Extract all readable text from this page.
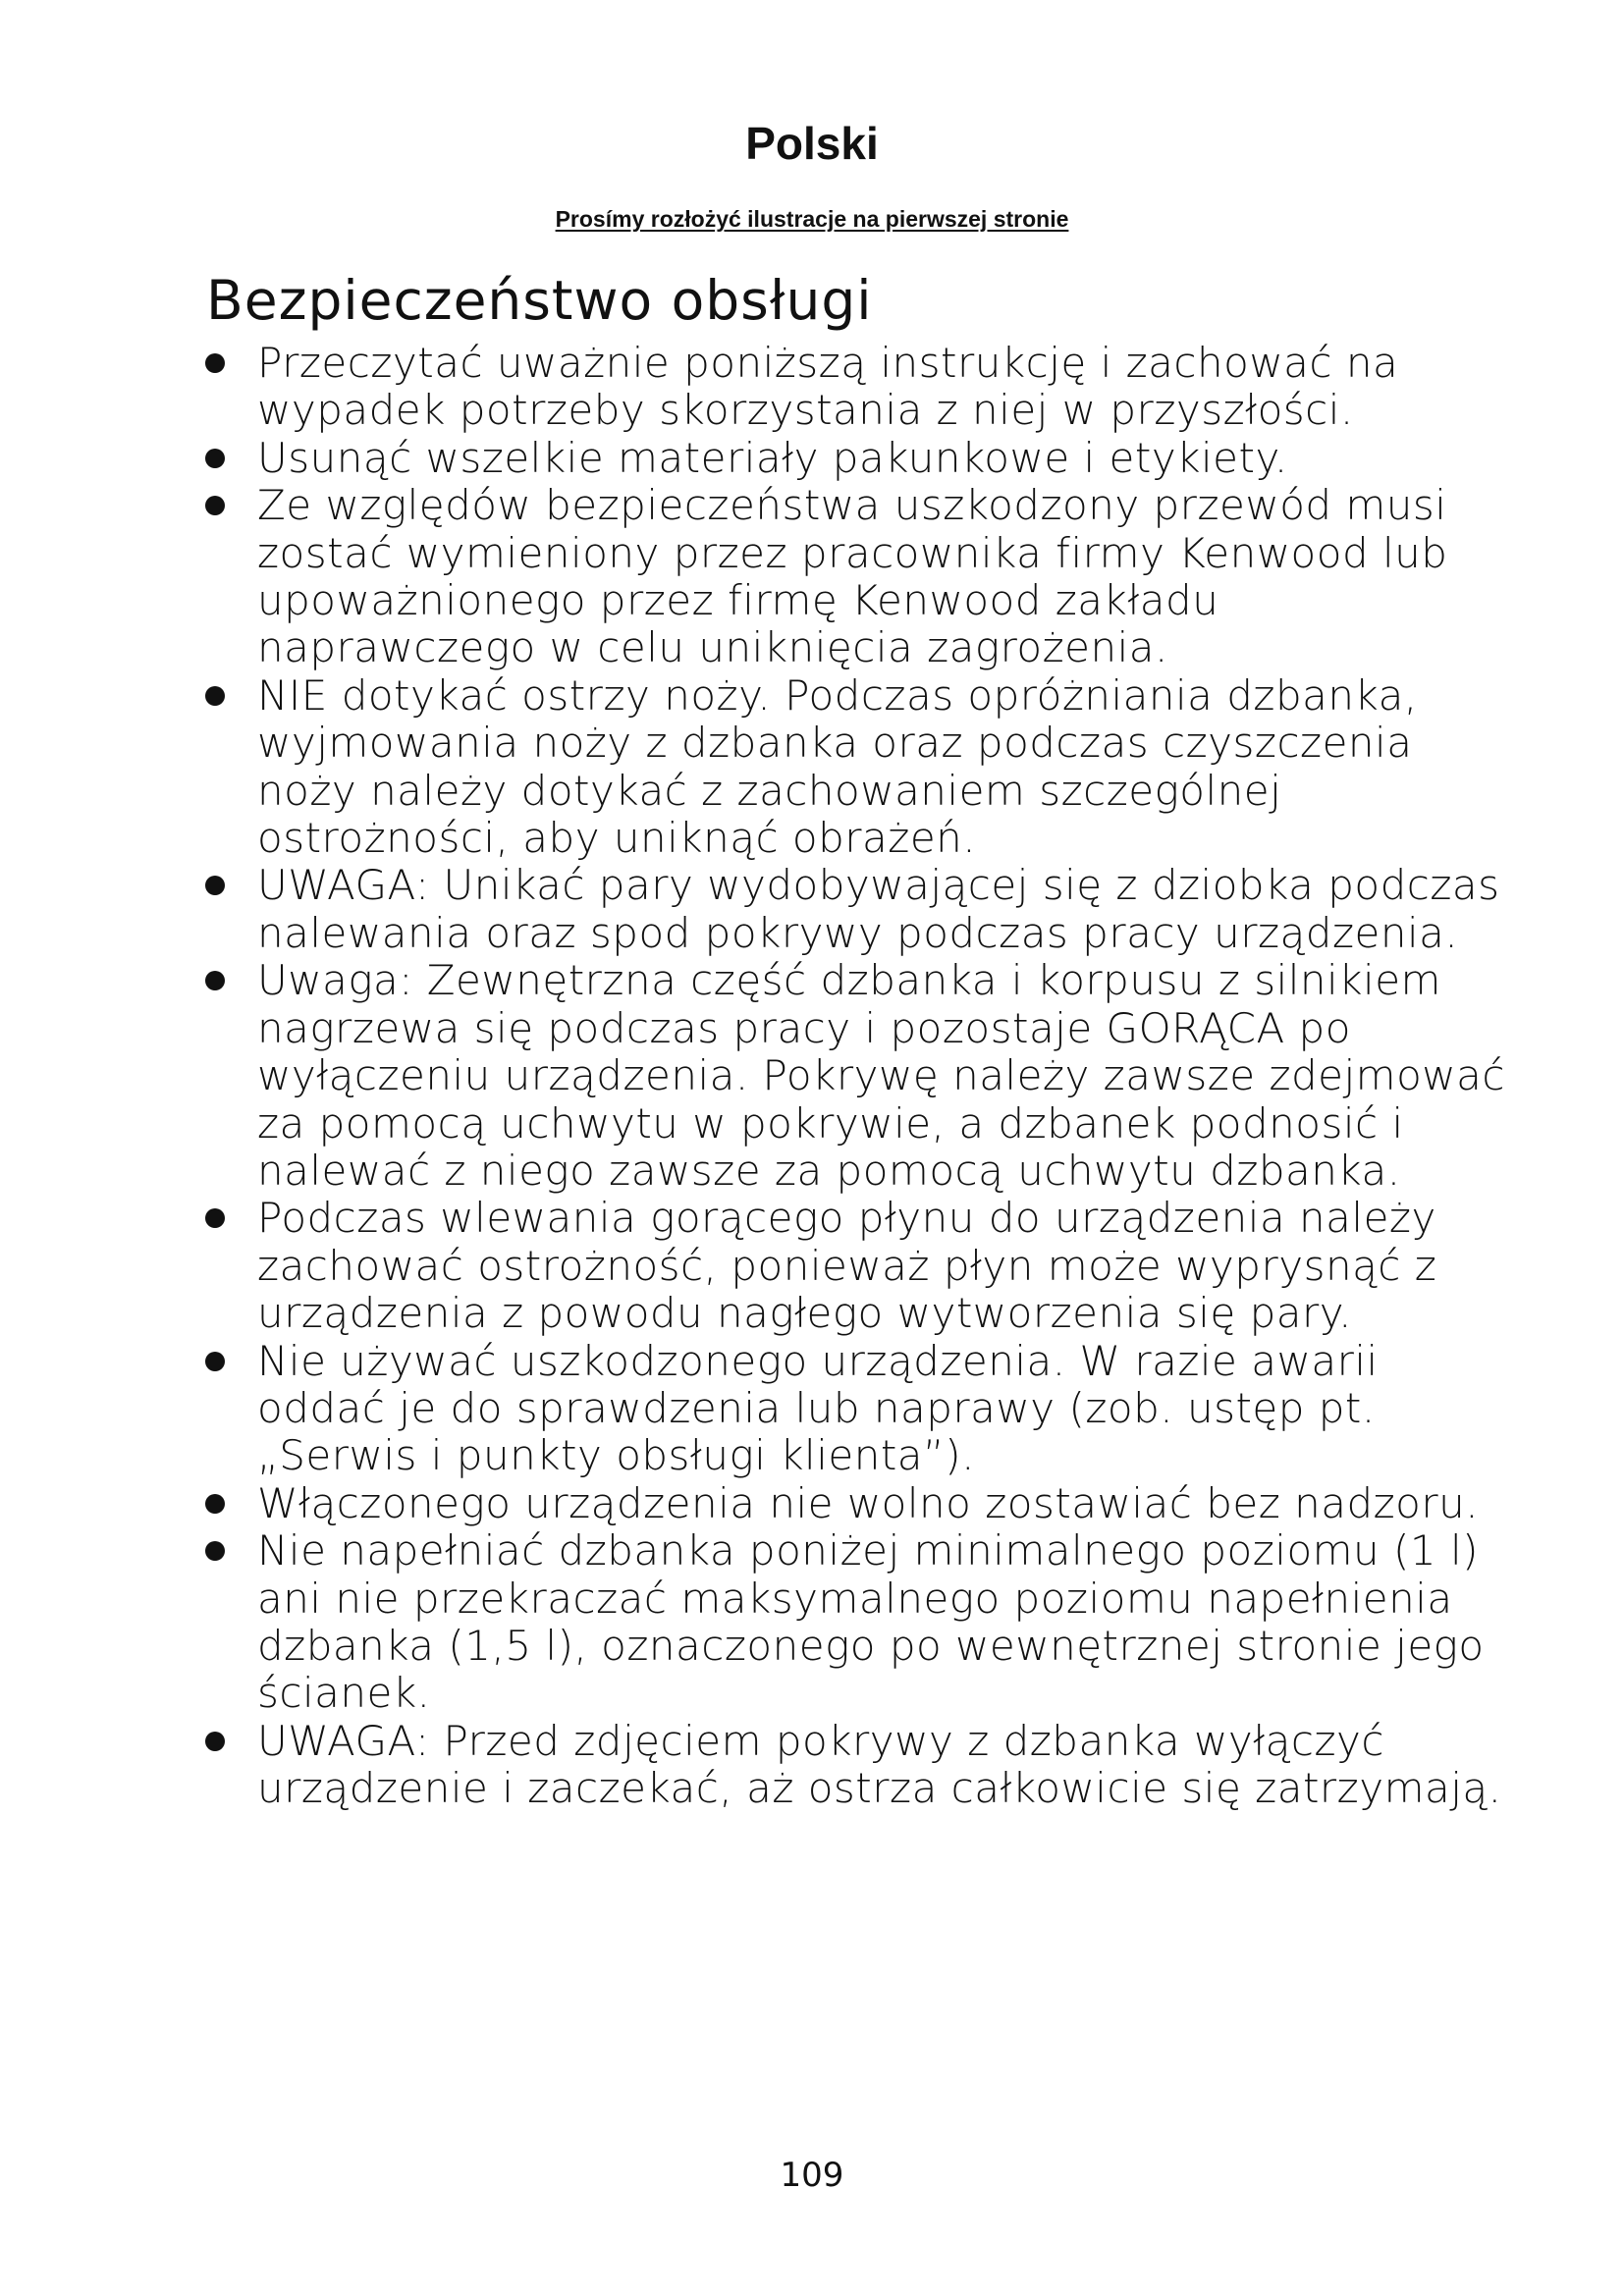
Polski
Prosímy rozłożyć ilustracje na pierwszej stronie
Bezpieczeństwo obsługi
Przeczytać uważnie poniższą instrukcję i zachować na wypadek potrzeby skorzystania z niej w przyszłości.
Usunąć wszelkie materiały pakunkowe i etykiety.
Ze względów bezpieczeństwa uszkodzony przewód musi zostać wymieniony przez pracownika firmy Kenwood lub upoważnionego przez firmę Kenwood zakładu naprawczego w celu uniknięcia zagrożenia.
NIE dotykać ostrzy noży. Podczas opróżniania dzbanka, wyjmowania noży z dzbanka oraz podczas czyszczenia noży należy dotykać z zachowaniem szczególnej ostrożności, aby uniknąć obrażeń.
UWAGA: Unikać pary wydobywającej się z dziobka podczas nalewania oraz spod pokrywy podczas pracy urządzenia.
Uwaga: Zewnętrzna część dzbanka i korpusu z silnikiem nagrzewa się podczas pracy i pozostaje GORĄCA po wyłączeniu urządzenia. Pokrywę należy zawsze zdejmować za pomocą uchwytu w pokrywie, a dzbanek podnosić i nalewać z niego zawsze za pomocą uchwytu dzbanka.
Podczas wlewania gorącego płynu do urządzenia należy zachować ostrożność, ponieważ płyn może wyprysnąć z urządzenia z powodu nagłego wytworzenia się pary.
Nie używać uszkodzonego urządzenia. W razie awarii oddać je do sprawdzenia lub naprawy (zob. ustęp pt. „Serwis i punkty obsługi klienta”).
Włączonego urządzenia nie wolno zostawiać bez nadzoru.
Nie napełniać dzbanka poniżej minimalnego poziomu (1 l) ani nie przekraczać maksymalnego poziomu napełnienia dzbanka (1,5 l), oznaczonego po wewnętrznej stronie jego ścianek.
UWAGA: Przed zdjęciem pokrywy z dzbanka wyłączyć urządzenie i zaczekać, aż ostrza całkowicie się zatrzymają.
109
